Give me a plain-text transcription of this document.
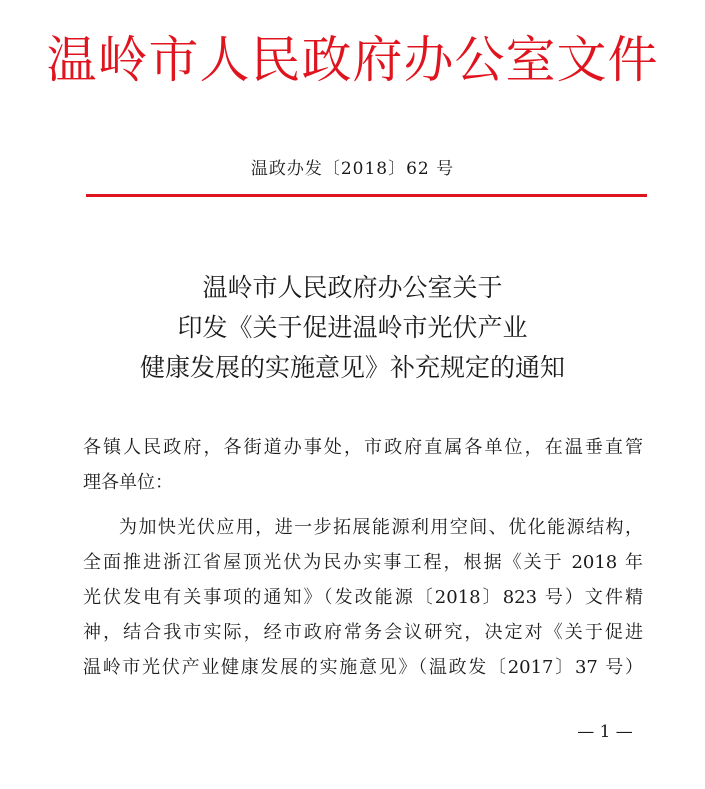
温岭市人民政府办公室文件
温政办发〔2018〕62 号
温岭市人民政府办公室关于
印发《关于促进温岭市光伏产业
健康发展的实施意见》补充规定的通知
各镇人民政府，各街道办事处，市政府直属各单位，在温垂直管
理各单位：
为加快光伏应用，进一步拓展能源利用空间、优化能源结构，
全面推进浙江省屋顶光伏为民办实事工程，根据《关于 2018 年
光伏发电有关事项的通知》（发改能源〔2018〕823 号）文件精
神，结合我市实际，经市政府常务会议研究，决定对《关于促进
温岭市光伏产业健康发展的实施意见》（温政发〔2017〕37 号）
— 1 —
